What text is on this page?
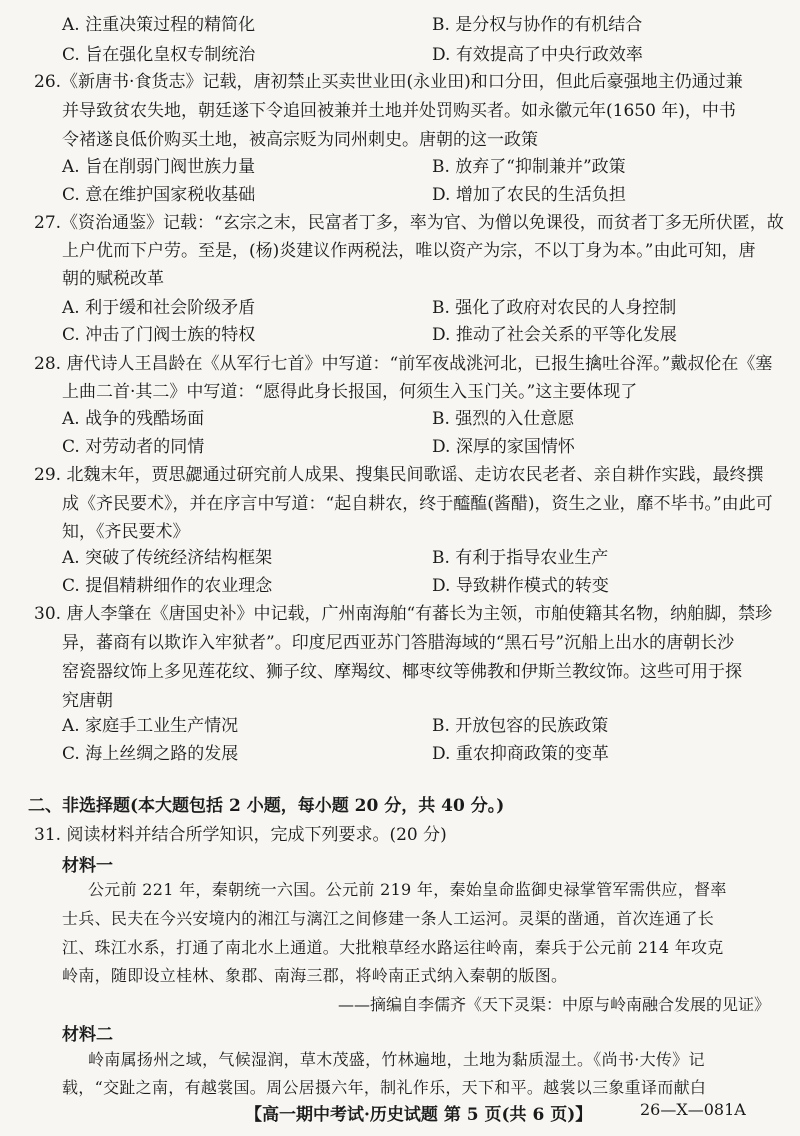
A. 注重决策过程的精简化	B. 是分权与协作的有机结合
C. 旨在强化皇权专制统治	D. 有效提高了中央行政效率
26.《新唐书·食货志》记载，唐初禁止买卖世业田(永业田)和口分田，但此后豪强地主仍通过兼
并导致贫农失地，朝廷遂下令追回被兼并土地并处罚购买者。如永徽元年(1650 年)，中书
令褚遂良低价购买土地，被高宗贬为同州刺史。唐朝的这一政策
A. 旨在削弱门阀世族力量	B. 放弃了“抑制兼并”政策
C. 意在维护国家税收基础	D. 增加了农民的生活负担
27.《资治通鉴》记载：“玄宗之末，民富者丁多，率为官、为僧以免课役，而贫者丁多无所伏匿，故
上户优而下户劳。至是，(杨)炎建议作两税法，唯以资产为宗，不以丁身为本。”由此可知，唐
朝的赋税改革
A. 利于缓和社会阶级矛盾	B. 强化了政府对农民的人身控制
C. 冲击了门阀士族的特权	D. 推动了社会关系的平等化发展
28. 唐代诗人王昌龄在《从军行七首》中写道：“前军夜战洮河北，已报生擒吐谷浑。”戴叔伦在《塞
上曲二首·其二》中写道：“愿得此身长报国，何须生入玉门关。”这主要体现了
A. 战争的残酷场面	B. 强烈的入仕意愿
C. 对劳动者的同情	D. 深厚的家国情怀
29. 北魏末年，贾思勰通过研究前人成果、搜集民间歌谣、走访农民老者、亲自耕作实践，最终撰
成《齐民要术》，并在序言中写道：“起自耕农，终于醯醢(酱醋)，资生之业，靡不毕书。”由此可
知，《齐民要术》
A. 突破了传统经济结构框架	B. 有利于指导农业生产
C. 提倡精耕细作的农业理念	D. 导致耕作模式的转变
30. 唐人李肇在《唐国史补》中记载，广州南海舶“有蕃长为主领，市舶使籍其名物，纳舶脚，禁珍
异，蕃商有以欺诈入牢狱者”。印度尼西亚苏门答腊海域的“黑石号”沉船上出水的唐朝长沙
窑瓷器纹饰上多见莲花纹、狮子纹、摩羯纹、椰枣纹等佛教和伊斯兰教纹饰。这些可用于探
究唐朝
A. 家庭手工业生产情况	B. 开放包容的民族政策
C. 海上丝绸之路的发展	D. 重农抑商政策的变革
二、非选择题(本大题包括 2 小题，每小题 20 分，共 40 分。)
31. 阅读材料并结合所学知识，完成下列要求。(20 分)
材料一
公元前 221 年，秦朝统一六国。公元前 219 年，秦始皇命监御史禄掌管军需供应，督率
士兵、民夫在今兴安境内的湘江与漓江之间修建一条人工运河。灵渠的凿通，首次连通了长
江、珠江水系，打通了南北水上通道。大批粮草经水路运往岭南，秦兵于公元前 214 年攻克
岭南，随即设立桂林、象郡、南海三郡，将岭南正式纳入秦朝的版图。
——摘编自李儒齐《天下灵渠：中原与岭南融合发展的见证》
材料二
岭南属扬州之域，气候湿润，草木茂盛，竹林遍地，土地为黏质湿土。《尚书·大传》记
载，“交趾之南，有越裳国。周公居摄六年，制礼作乐，天下和平。越裳以三象重译而献白
【高一期中考试·历史试题 第 5 页(共 6 页)】	26—X—081A
